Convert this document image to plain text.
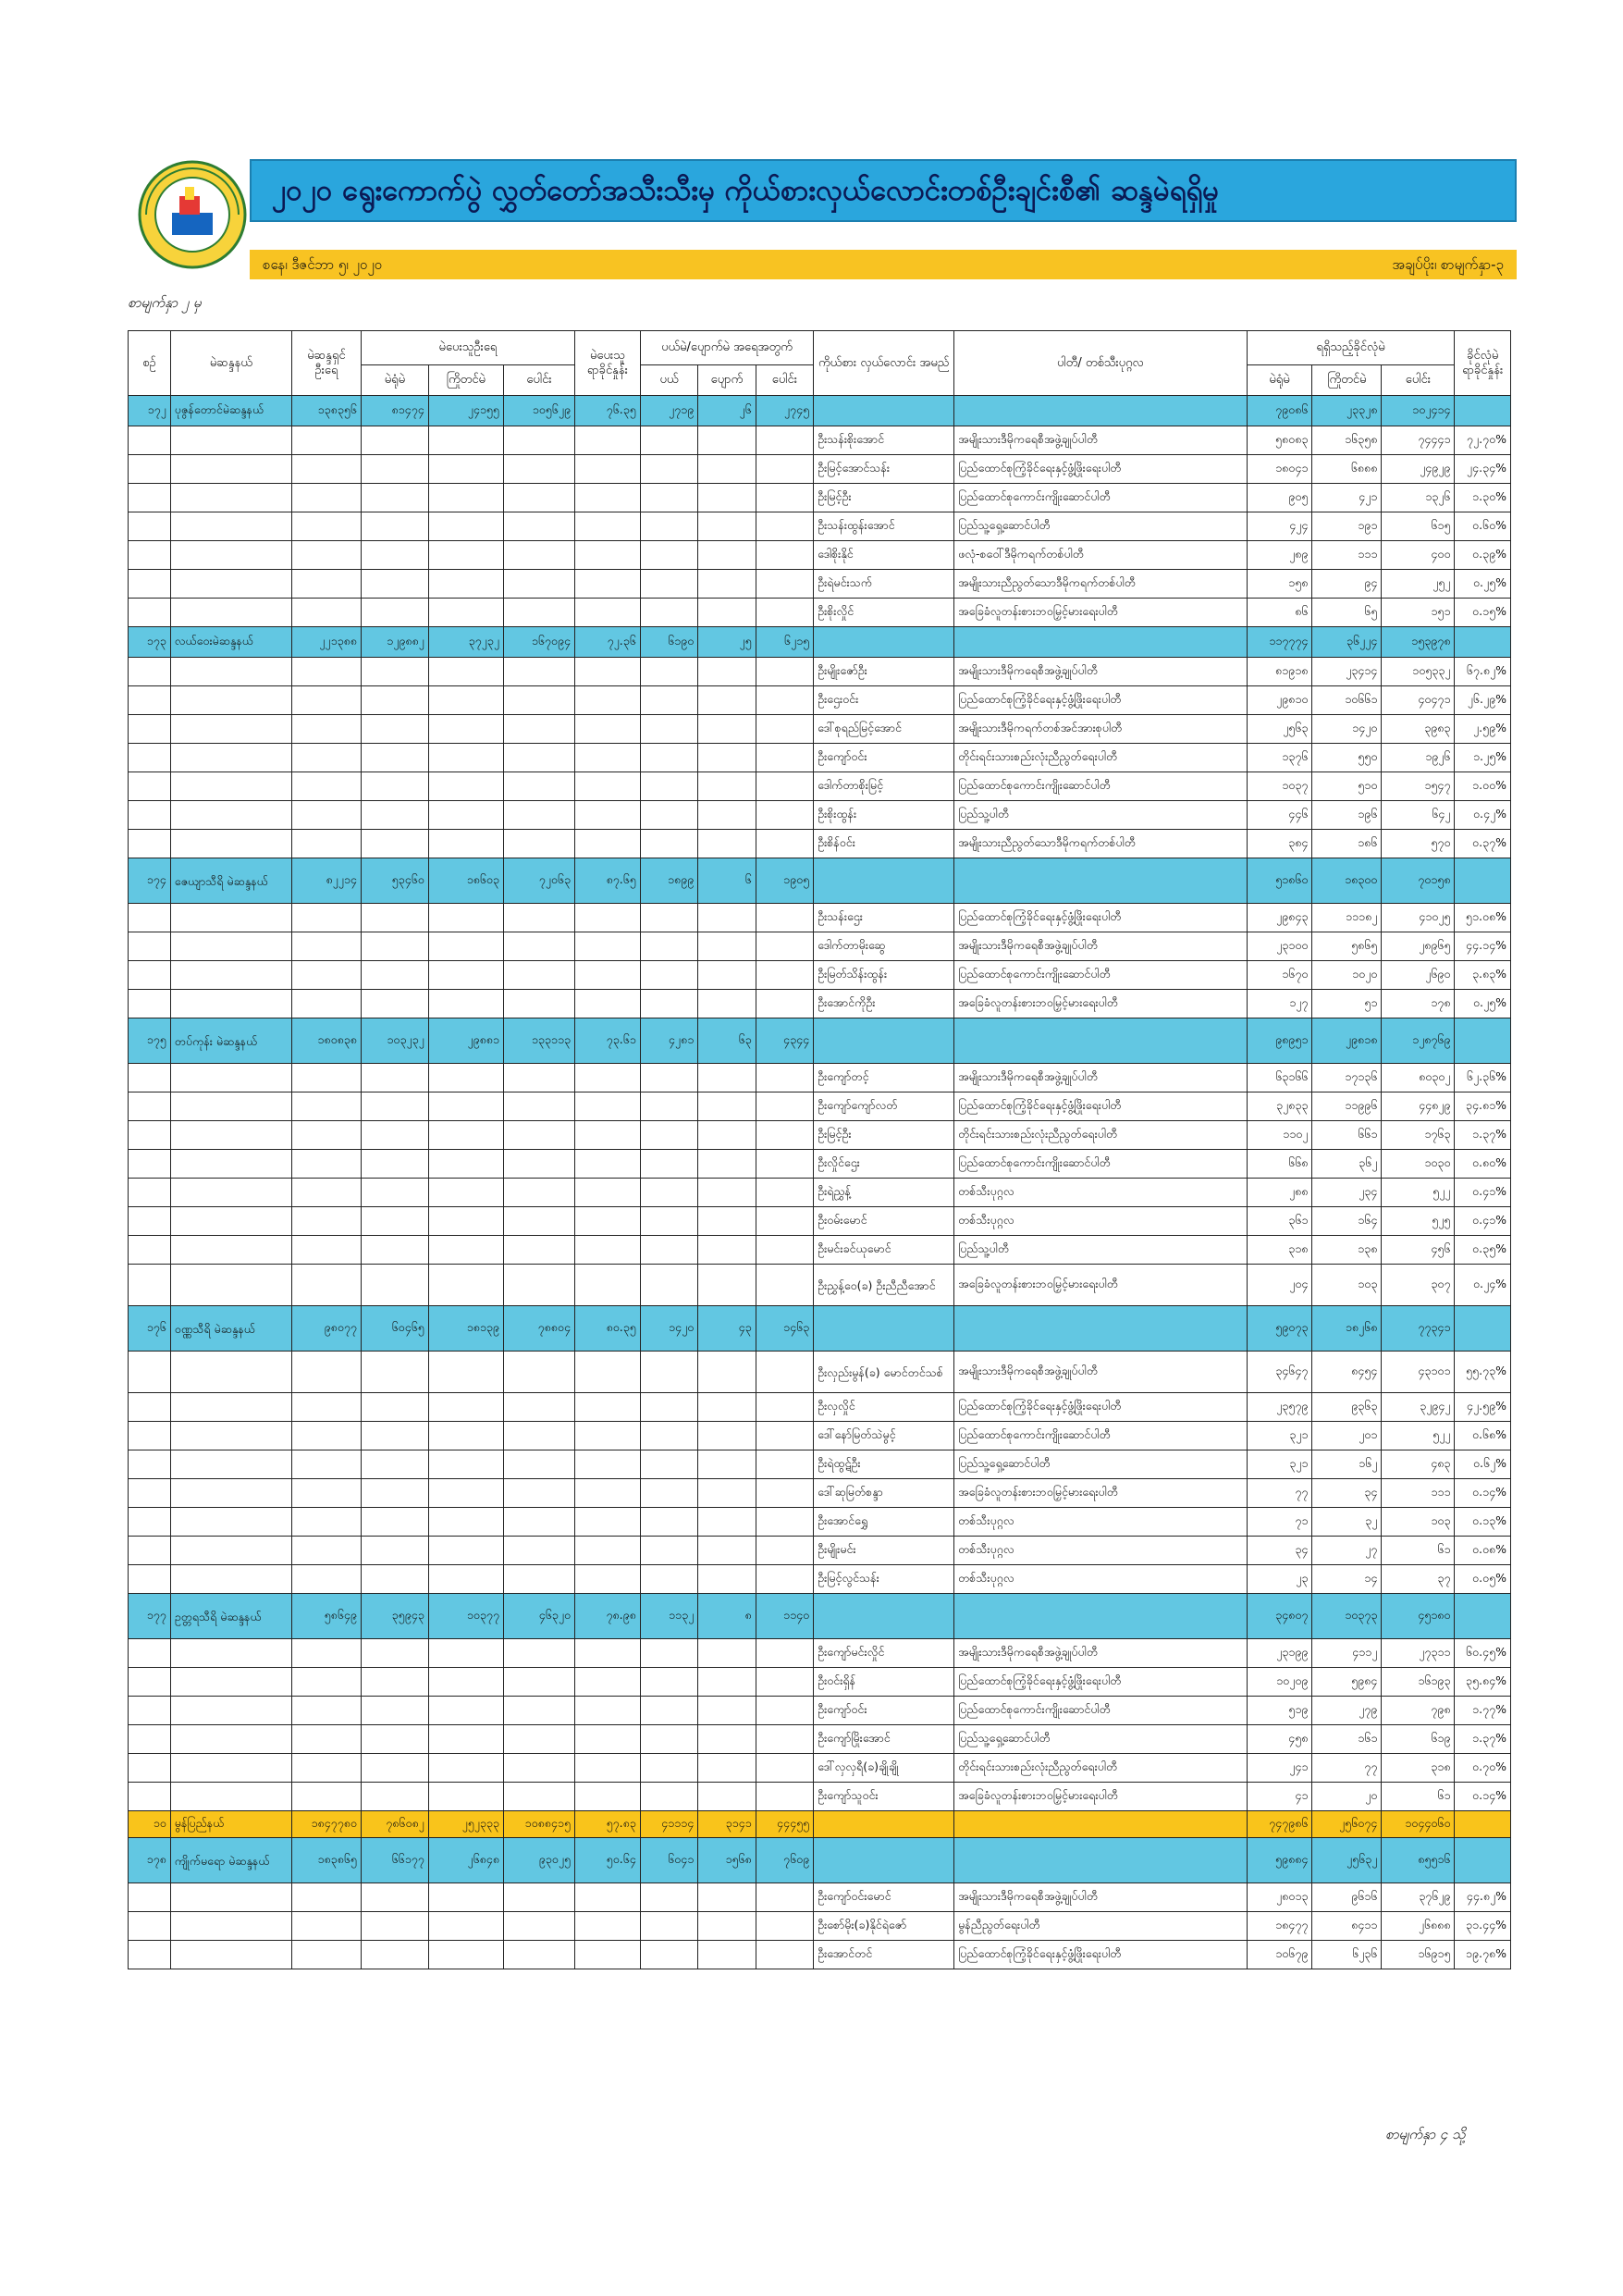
၂၀၂၀ ရွေးကောက်ပွဲ လွှတ်တော်အသီးသီးမှ ကိုယ်စားလှယ်လောင်းတစ်ဦးချင်းစီ၏ ဆန္ဒမဲရရှိမှု
စနေ၊ ဒီဇင်ဘာ ၅၊ ၂၀၂၀	အချပ်ပိုး၊ စာမျက်နှာ-၃
စာမျက်နှာ ၂ မှ
စဉ်	မဲဆန္ဒနယ်	မဲဆန္ဒရှင် ဦးရေ	မဲပေးသူဦးရေ			မဲပေးသူ ရာခိုင်နှုန်း	ပယ်မဲ/ပျောက်မဲ အရေအတွက်			ကိုယ်စား လှယ်လောင်း အမည်	ပါတီ/ တစ်သီးပုဂ္ဂလ	ရရှိသည့်ခိုင်လုံမဲ			ခိုင်လုံမဲ ရာခိုင်နှုန်း
			မဲရုံမဲ	ကြိုတင်မဲ	ပေါင်း		ပယ်	ပျောက်	ပေါင်း			မဲရုံမဲ	ကြိုတင်မဲ	ပေါင်း	
၁၇၂	ပုဇွန်တောင်မဲဆန္ဒနယ်	၁၃၈၃၅၆	၈၁၄၇၄	၂၄၁၅၅	၁၀၅၆၂၉	၇၆.၃၅	၂၇၁၉	၂၆	၂၇၄၅			၇၉၀၈၆	၂၃၃၂၈	၁၀၂၄၁၄	
										ဦးသန်းစိုးအောင်	အမျိုးသားဒီမိုကရေစီအဖွဲ့ချုပ်ပါတီ	၅၈၀၈၃	၁၆၃၅၈	၇၄၄၄၁	၇၂.၇၀%
										ဦးမြင့်အောင်သန်း	ပြည်ထောင်စုကြံ့ခိုင်ရေးနှင့်ဖွံ့ဖြိုးရေးပါတီ	၁၈၀၄၁	၆၈၈၈	၂၄၉၂၉	၂၄.၃၄%
										ဦးမြင့်ဦး	ပြည်ထောင်စုကောင်းကျိုးဆောင်ပါတီ	၉၀၅	၄၂၁	၁၃၂၆	၁.၃၀%
										ဦးသန်းထွန်းအောင်	ပြည်သူ့ရှေ့ဆောင်ပါတီ	၄၂၄	၁၉၁	၆၁၅	၀.၆၀%
										ဒေါစိုးနိုင်	ဖလုံ-စဝေါ်ဒီမိုကရက်တစ်ပါတီ	၂၈၉	၁၁၁	၄၀၀	၀.၃၉%
										ဦးရဲမင်းသက်	အမျိုးသားညီညွတ်သောဒီမိုကရက်တစ်ပါတီ	၁၅၈	၉၄	၂၅၂	၀.၂၅%
										ဦးစိုးလှိုင်	အခြေခံလူတန်းစားဘဝမြှင့်မားရေးပါတီ	၈၆	၆၅	၁၅၁	၀.၁၅%
၁၇၃	လယ်ဝေးမဲဆန္ဒနယ်	၂၂၁၃၈၈	၁၂၉၈၈၂	၃၇၂၃၂	၁၆၇၀၉၄	၇၂.၃၆	၆၁၉၀	၂၅	၆၂၁၅			၁၁၇၇၇၄	၃၆၂၂၄	၁၅၃၉၇၈	
										ဦးမျိုးဇော်ဦး	အမျိုးသားဒီမိုကရေစီအဖွဲ့ချုပ်ပါတီ	၈၁၉၁၈	၂၃၄၁၄	၁၀၅၃၃၂	၆၇.၈၂%
										ဦးဌေးဝင်း	ပြည်ထောင်စုကြံ့ခိုင်ရေးနှင့်ဖွံ့ဖြိုးရေးပါတီ	၂၉၈၁၀	၁၀၆၆၁	၄၀၄၇၁	၂၆.၂၉%
										ဒေါ်စုရည်မြင့်အောင်	အမျိုးသားဒီမိုကရက်တစ်အင်အားစုပါတီ	၂၅၆၃	၁၄၂၀	၃၉၈၃	၂.၅၉%
										ဦးကျော်ဝင်း	တိုင်းရင်းသားစည်းလုံးညီညွတ်ရေးပါတီ	၁၃၇၆	၅၅၀	၁၉၂၆	၁.၂၅%
										ဒေါက်တာစိုးမြင့်	ပြည်ထောင်စုကောင်းကျိုးဆောင်ပါတီ	၁၀၃၇	၅၁၀	၁၅၄၇	၁.၀၀%
										ဦးစိုးထွန်း	ပြည်သူ့ပါတီ	၄၄၆	၁၉၆	၆၄၂	၀.၄၂%
										ဦးစိန်ဝင်း	အမျိုးသားညီညွတ်သောဒီမိုကရက်တစ်ပါတီ	၃၈၄	၁၈၆	၅၇၀	၀.၃၇%
၁၇၄	ဇေယျာသီရိ မဲဆန္ဒနယ်	၈၂၂၁၄	၅၃၄၆၀	၁၈၆၀၃	၇၂၀၆၃	၈၇.၆၅	၁၈၉၉	၆	၁၉၀၅			၅၁၈၆၀	၁၈၃၀၀	၇၀၁၅၈	
										ဦးသန်းဌေး	ပြည်ထောင်စုကြံ့ခိုင်ရေးနှင့်ဖွံ့ဖြိုးရေးပါတီ	၂၉၈၄၃	၁၁၁၈၂	၄၁၀၂၅	၅၁.၀၈%
										ဒေါက်တာမိုးဆွေ	အမျိုးသားဒီမိုကရေစီအဖွဲ့ချုပ်ပါတီ	၂၃၁၀၀	၅၈၆၅	၂၈၉၆၅	၄၄.၁၄%
										ဦးမြတ်သိန်းထွန်း	ပြည်ထောင်စုကောင်းကျိုးဆောင်ပါတီ	၁၆၇၀	၁၀၂၀	၂၆၉၀	၃.၈၃%
										ဦးအောင်ကိုဦး	အခြေခံလူတန်းစားဘဝမြှင့်မားရေးပါတီ	၁၂၇	၅၁	၁၇၈	၀.၂၅%
၁၇၅	တပ်ကုန်း မဲဆန္ဒနယ်	၁၈၀၈၃၈	၁၀၃၂၃၂	၂၉၈၈၁	၁၃၃၁၁၃	၇၃.၆၁	၄၂၈၁	၆၃	၄၃၄၄			၉၈၉၅၁	၂၉၈၁၈	၁၂၈၇၆၉	
										ဦးကျော်တင့်	အမျိုးသားဒီမိုကရေစီအဖွဲ့ချုပ်ပါတီ	၆၃၁၆၆	၁၇၁၃၆	၈၀၃၀၂	၆၂.၃၆%
										ဦးကျော်ကျော်လတ်	ပြည်ထောင်စုကြံ့ခိုင်ရေးနှင့်ဖွံ့ဖြိုးရေးပါတီ	၃၂၈၃၃	၁၁၉၉၆	၄၄၈၂၉	၃၄.၈၁%
										ဦးမြင့်ဦး	တိုင်းရင်းသားစည်းလုံးညီညွတ်ရေးပါတီ	၁၁၀၂	၆၆၁	၁၇၆၃	၁.၃၇%
										ဦးလှိုင်ဌေး	ပြည်ထောင်စုကောင်းကျိုးဆောင်ပါတီ	၆၆၈	၃၆၂	၁၀၃၀	၀.၈၀%
										ဦးရဲညွှန့်	တစ်သီးပုဂ္ဂလ	၂၈၈	၂၃၄	၅၂၂	၀.၄၁%
										ဦးဝမ်းမောင်	တစ်သီးပုဂ္ဂလ	၃၆၁	၁၆၄	၅၂၅	၀.၄၁%
										ဦးမင်းခင်ယုမောင်	ပြည်သူ့ပါတီ	၃၁၈	၁၃၈	၄၅၆	၀.၃၅%
										ဦးညွှန့်ဝေ(ခ) ဦးညီညီအောင်	အခြေခံလူတန်းစားဘဝမြှင့်မားရေးပါတီ	၂၀၄	၁၀၃	၃၀၇	၀.၂၄%
၁၇၆	ဝဏ္ဏသီရိ မဲဆန္ဒနယ်	၉၈၀၇၇	၆၀၄၆၅	၁၈၁၃၉	၇၈၈၀၄	၈၀.၃၅	၁၄၂၀	၄၃	၁၄၆၃			၅၉၀၇၃	၁၈၂၆၈	၇၇၃၄၁	
										ဦးလှည်းမွန်(ခ) မောင်တင်သစ်	အမျိုးသားဒီမိုကရေစီအဖွဲ့ချုပ်ပါတီ	၃၄၆၄၇	၈၄၅၄	၄၃၁၀၁	၅၅.၇၃%
										ဦးလှလှိုင်	ပြည်ထောင်စုကြံ့ခိုင်ရေးနှင့်ဖွံ့ဖြိုးရေးပါတီ	၂၃၅၇၉	၉၃၆၃	၃၂၉၄၂	၄၂.၅၉%
										ဒေါ်နော်မြတ်သဲမွင့်	ပြည်ထောင်စုကောင်းကျိုးဆောင်ပါတီ	၃၂၁	၂၀၁	၅၂၂	၀.၆၈%
										ဦးရဲထွဋ်ဦး	ပြည်သူ့ရှေ့ဆောင်ပါတီ	၃၂၁	၁၆၂	၄၈၃	၀.၆၂%
										ဒေါ်ဆုမြတ်စန္ဒာ	အခြေခံလူတန်းစားဘဝမြှင့်မားရေးပါတီ	၇၇	၃၄	၁၁၁	၀.၁၄%
										ဦးအောင်ရွှေ	တစ်သီးပုဂ္ဂလ	၇၁	၃၂	၁၀၃	၀.၁၃%
										ဦးမျိုးမင်း	တစ်သီးပုဂ္ဂလ	၃၄	၂၇	၆၁	၀.၀၈%
										ဦးမြင့်လွင်သန်း	တစ်သီးပုဂ္ဂလ	၂၃	၁၄	၃၇	၀.၀၅%
၁၇၇	ဥတ္တရသီရိ မဲဆန္ဒနယ်	၅၈၆၄၉	၃၅၉၄၃	၁၀၃၇၇	၄၆၃၂၀	၇၈.၉၈	၁၁၃၂	၈	၁၁၄၀			၃၄၈၀၇	၁၀၃၇၃	၄၅၁၈၀	
										ဦးကျော်မင်းလှိုင်	အမျိုးသားဒီမိုကရေစီအဖွဲ့ချုပ်ပါတီ	၂၃၁၉၉	၄၁၁၂	၂၇၃၁၁	၆၀.၄၅%
										ဦးဝင်းရှိန်	ပြည်ထောင်စုကြံ့ခိုင်ရေးနှင့်ဖွံ့ဖြိုးရေးပါတီ	၁၀၂၀၉	၅၉၈၄	၁၆၁၉၃	၃၅.၈၄%
										ဦးကျော်ဝင်း	ပြည်ထောင်စုကောင်းကျိုးဆောင်ပါတီ	၅၁၉	၂၇၉	၇၉၈	၁.၇၇%
										ဦးကျော်မြိုးအောင်	ပြည်သူ့ရှေ့ဆောင်ပါတီ	၄၅၈	၁၆၁	၆၁၉	၁.၃၇%
										ဒေါ်လှလှရီ(ခ)ချိုချို	တိုင်းရင်းသားစည်းလုံးညီညွတ်ရေးပါတီ	၂၄၁	၇၇	၃၁၈	၀.၇၀%
										ဦးကျော်သူဝင်း	အခြေခံလူတန်းစားဘဝမြှင့်မားရေးပါတီ	၄၁	၂၀	၆၁	၀.၁၄%
၁၀	မွန်ပြည်နယ်	၁၈၄၇၇၈၀	၇၈၆၀၈၂	၂၅၂၃၃၃	၁၀၈၈၄၁၅	၅၇.၈၃	၄၁၁၁၄	၃၁၄၁	၄၄၄၅၅			၇၄၇၉၈၆	၂၅၆၀၇၄	၁၀၄၄၀၆၀	
၁၇၈	ကျိုက်မရော မဲဆန္ဒနယ်	၁၈၃၈၆၅	၆၆၁၇၇	၂၆၈၄၈	၉၃၀၂၅	၅၀.၆၄	၆၀၄၁	၁၅၆၈	၇၆၀၉			၅၉၈၈၄	၂၅၆၃၂	၈၅၅၁၆	
										ဦးကျော်ဝင်းမောင်	အမျိုးသားဒီမိုကရေစီအဖွဲ့ချုပ်ပါတီ	၂၈၀၁၃	၉၆၁၆	၃၇၆၂၉	၄၄.၈၂%
										ဦးစော်မိုး(ခ)နိုင်ရဲဇော်	မွန်ညီညွတ်ရေးပါတီ	၁၈၄၇၇	၈၄၁၁	၂၆၈၈၈	၃၁.၄၄%
										ဦးအောင်တင်	ပြည်ထောင်စုကြံ့ခိုင်ရေးနှင့်ဖွံ့ဖြိုးရေးပါတီ	၁၀၆၇၉	၆၂၃၆	၁၆၉၁၅	၁၉.၇၈%
စာမျက်နှာ ၄ သို့
